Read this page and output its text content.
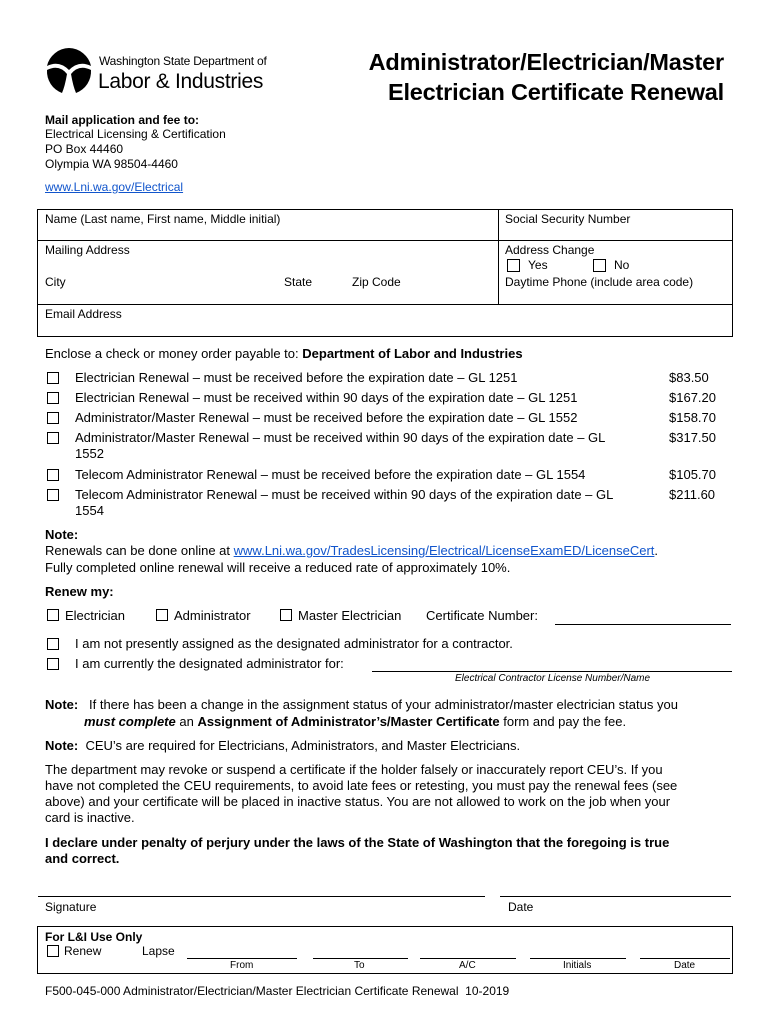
Washington State Department of
Labor & Industries
Administrator/Electrician/Master
Electrician Certificate Renewal
Mail application and fee to:
Electrical Licensing & Certification
PO Box 44460
Olympia WA 98504-4460
www.Lni.wa.gov/Electrical
Name (Last name, First name, Middle initial)	Social Security Number
Mailing Address	Address Change
Yes	No
City	State	Zip Code	Daytime Phone (include area code)
Email Address
Enclose a check or money order payable to: Department of Labor and Industries
Electrician Renewal – must be received before the expiration date – GL 1251	$83.50
Electrician Renewal – must be received within 90 days of the expiration date – GL 1251	$167.20
Administrator/Master Renewal – must be received before the expiration date – GL 1552	$158.70
Administrator/Master Renewal – must be received within 90 days of the expiration date – GL
1552
$317.50
Telecom Administrator Renewal – must be received before the expiration date – GL 1554	$105.70
Telecom Administrator Renewal – must be received within 90 days of the expiration date – GL
1554
$211.60
Note:
Renewals can be done online at www.Lni.wa.gov/TradesLicensing/Electrical/LicenseExamED/LicenseCert.
Fully completed online renewal will receive a reduced rate of approximately 10%.
Renew my:
Electrician	Administrator	Master Electrician Certificate Number:
I am not presently assigned as the designated administrator for a contractor.
I am currently the designated administrator for:
Electrical Contractor License Number/Name
Note: If there has been a change in the assignment status of your administrator/master electrician status you
must complete an Assignment of Administrator’s/Master Certificate form and pay the fee.
Note: CEU’s are required for Electricians, Administrators, and Master Electricians.
The department may revoke or suspend a certificate if the holder falsely or inaccurately report CEU’s. If you
have not completed the CEU requirements, to avoid late fees or retesting, you must pay the renewal fees (see
above) and your certificate will be placed in inactive status. You are not allowed to work on the job when your
card is inactive.
I declare under penalty of perjury under the laws of the State of Washington that the foregoing is true
and correct.
Signature	Date
For L&I Use Only
Renew	Lapse
From	To	A/C	Initials	Date
F500-045-000 Administrator/Electrician/Master Electrician Certificate Renewal  10-2019
